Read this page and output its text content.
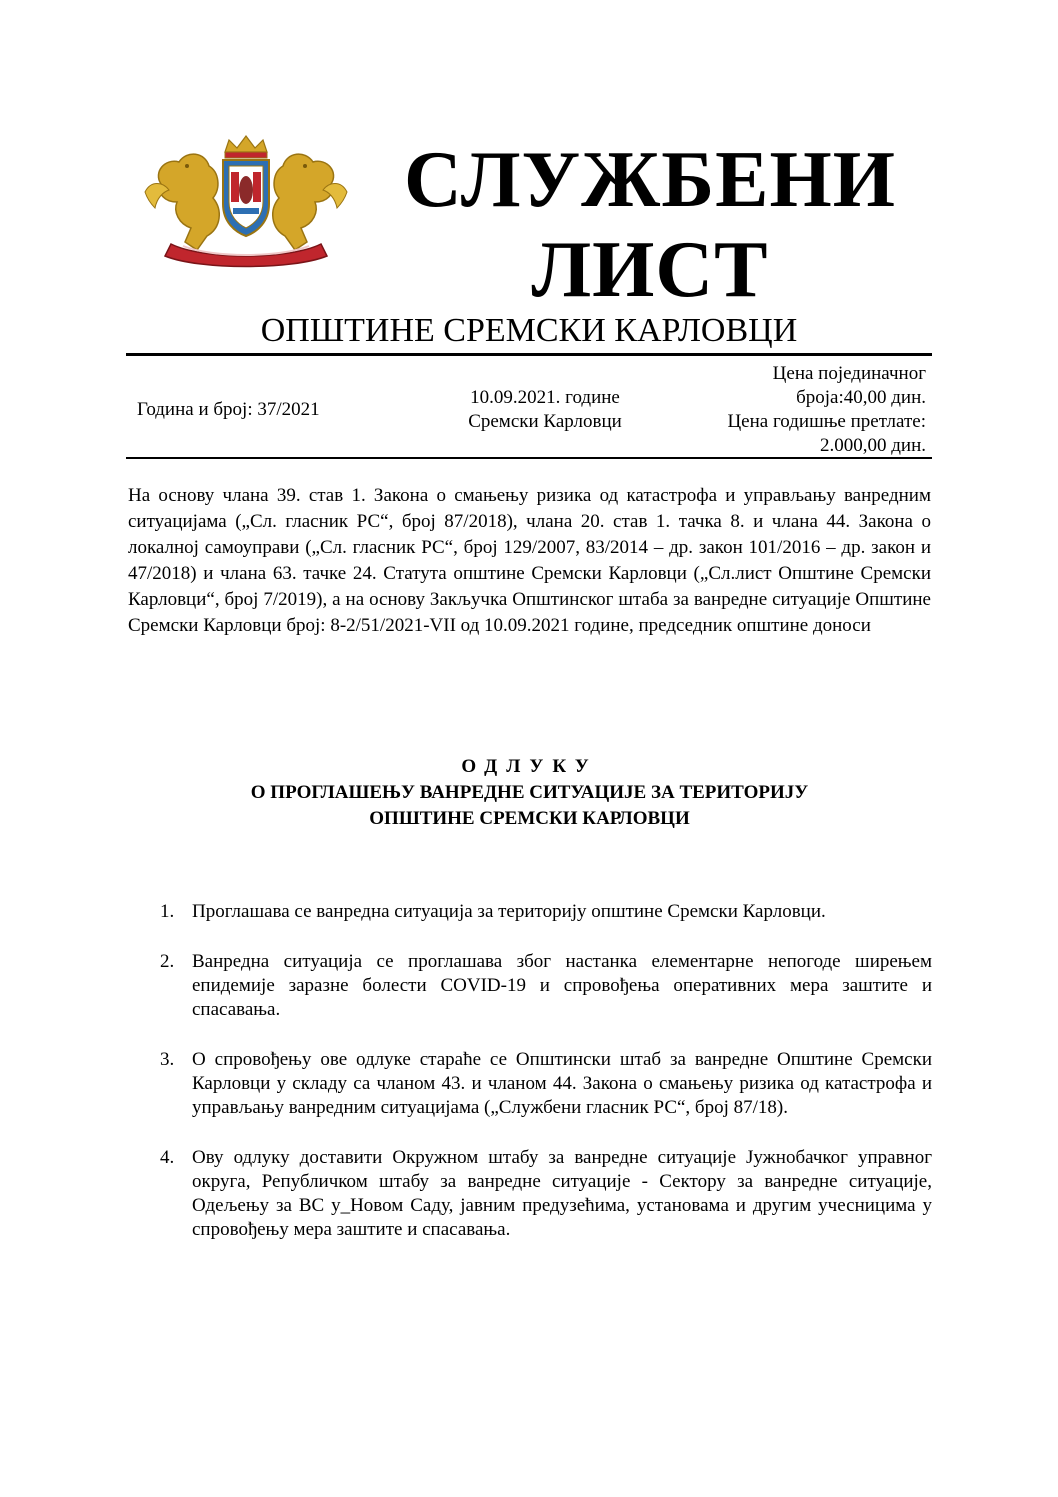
СЛУЖБЕНИ
ЛИСТ
ОПШТИНЕ СРЕМСКИ КАРЛОВЦИ
Година и број: 37/2021
10.09.2021. године
Сремски Карловци
Цена појединачног
броја:40,00 дин.
Цена годишње претлате:
2.000,00 дин.
На основу члана 39. став 1. Закона о смањењу ризика од катастрофа и управљању ванредним ситуацијама („Сл. гласник РС“, број 87/2018), члана 20. став 1. тачка 8. и члана 44. Закона о локалној самоуправи („Сл. гласник РС“, број 129/2007, 83/2014 – др. закон 101/2016 – др. закон и 47/2018) и члана 63. тачке 24. Статута општине Сремски Карловци („Сл.лист Општине Сремски Карловци“, број 7/2019), а на основу Закључка Општинског штаба за ванредне ситуације Општине Сремски Карловци број: 8-2/51/2021-VII од 10.09.2021 године, председник општине доноси
ОДЛУКУ
О ПРОГЛАШЕЊУ ВАНРЕДНЕ СИТУАЦИЈЕ ЗА ТЕРИТОРИЈУ
ОПШТИНЕ СРЕМСКИ КАРЛОВЦИ
1. Проглашава се ванредна ситуација за територију општине Сремски Карловци.
2. Ванредна ситуација се проглашава због настанка елементарне непогоде ширењем епидемије заразне болести COVID-19 и спровођења оперативних мера заштите и спасавања.
3. О спровођењу ове одлуке стараће се Општински штаб за ванредне Општине Сремски Карловци у складу са чланом 43. и чланом 44. Закона о смањењу ризика од катастрофа и управљању ванредним ситуацијама („Службени гласник РС“, број 87/18).
4. Ову одлуку доставити Окружном штабу за ванредне ситуације Јужнобачког управног округа, Републичком штабу за ванредне ситуације - Сектору за ванредне ситуације, Одељењу за ВС у_Новом Саду, јавним предузећима, установама и другим учесницима у спровођењу мера заштите и спасавања.
